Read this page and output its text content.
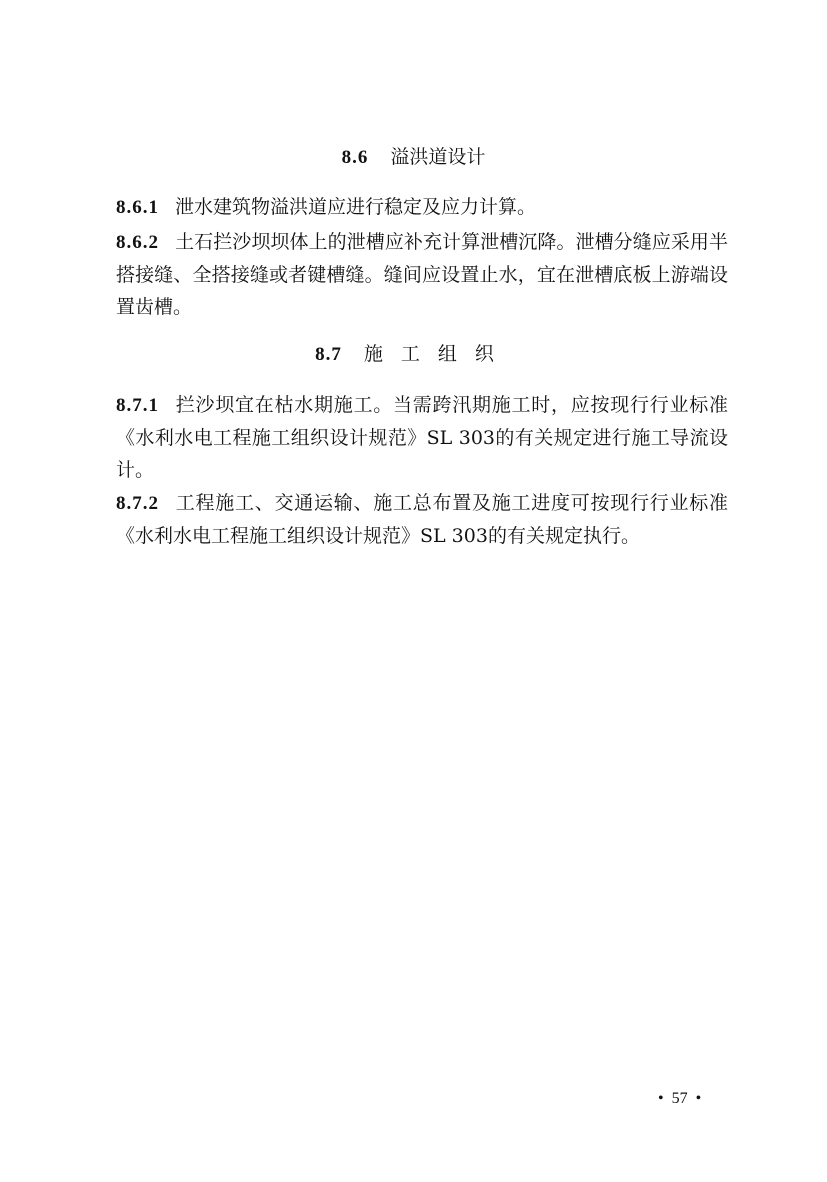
8.6 溢洪道设计
8.6.1 泄水建筑物溢洪道应进行稳定及应力计算。
8.6.2 土石拦沙坝坝体上的泄槽应补充计算泄槽沉降。泄槽分缝应采用半搭接缝、全搭接缝或者键槽缝。缝间应设置止水，宜在泄槽底板上游端设置齿槽。
8.7 施工组织
8.7.1 拦沙坝宜在枯水期施工。当需跨汛期施工时，应按现行行业标准《水利水电工程施工组织设计规范》SL 303的有关规定进行施工导流设计。
8.7.2 工程施工、交通运输、施工总布置及施工进度可按现行行业标准《水利水电工程施工组织设计规范》SL 303的有关规定执行。
• 57 •
